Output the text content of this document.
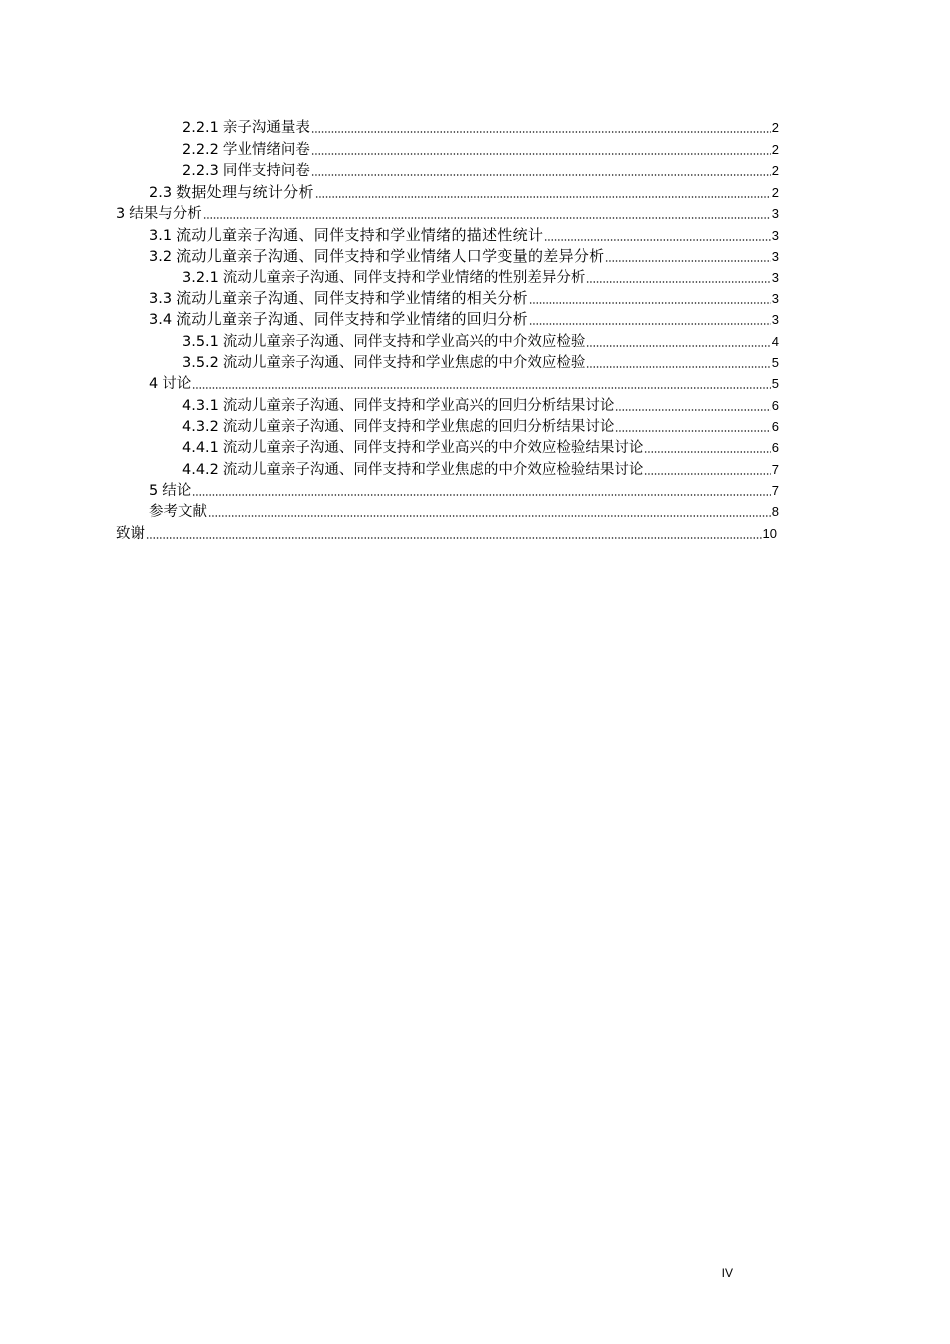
2.2.1 亲子沟通量表	2
2.2.2 学业情绪问卷	2
2.2.3 同伴支持问卷	2
2.3 数据处理与统计分析	2
3 结果与分析	3
3.1 流动儿童亲子沟通、同伴支持和学业情绪的描述性统计	3
3.2 流动儿童亲子沟通、同伴支持和学业情绪人口学变量的差异分析	3
3.2.1 流动儿童亲子沟通、同伴支持和学业情绪的性别差异分析	3
3.3 流动儿童亲子沟通、同伴支持和学业情绪的相关分析	3
3.4 流动儿童亲子沟通、同伴支持和学业情绪的回归分析	3
3.5.1 流动儿童亲子沟通、同伴支持和学业高兴的中介效应检验	4
3.5.2 流动儿童亲子沟通、同伴支持和学业焦虑的中介效应检验	5
4 讨论	5
4.3.1 流动儿童亲子沟通、同伴支持和学业高兴的回归分析结果讨论	6
4.3.2 流动儿童亲子沟通、同伴支持和学业焦虑的回归分析结果讨论	6
4.4.1 流动儿童亲子沟通、同伴支持和学业高兴的中介效应检验结果讨论	6
4.4.2 流动儿童亲子沟通、同伴支持和学业焦虑的中介效应检验结果讨论	7
5 结论	7
参考文献	8
致谢	10
IV
